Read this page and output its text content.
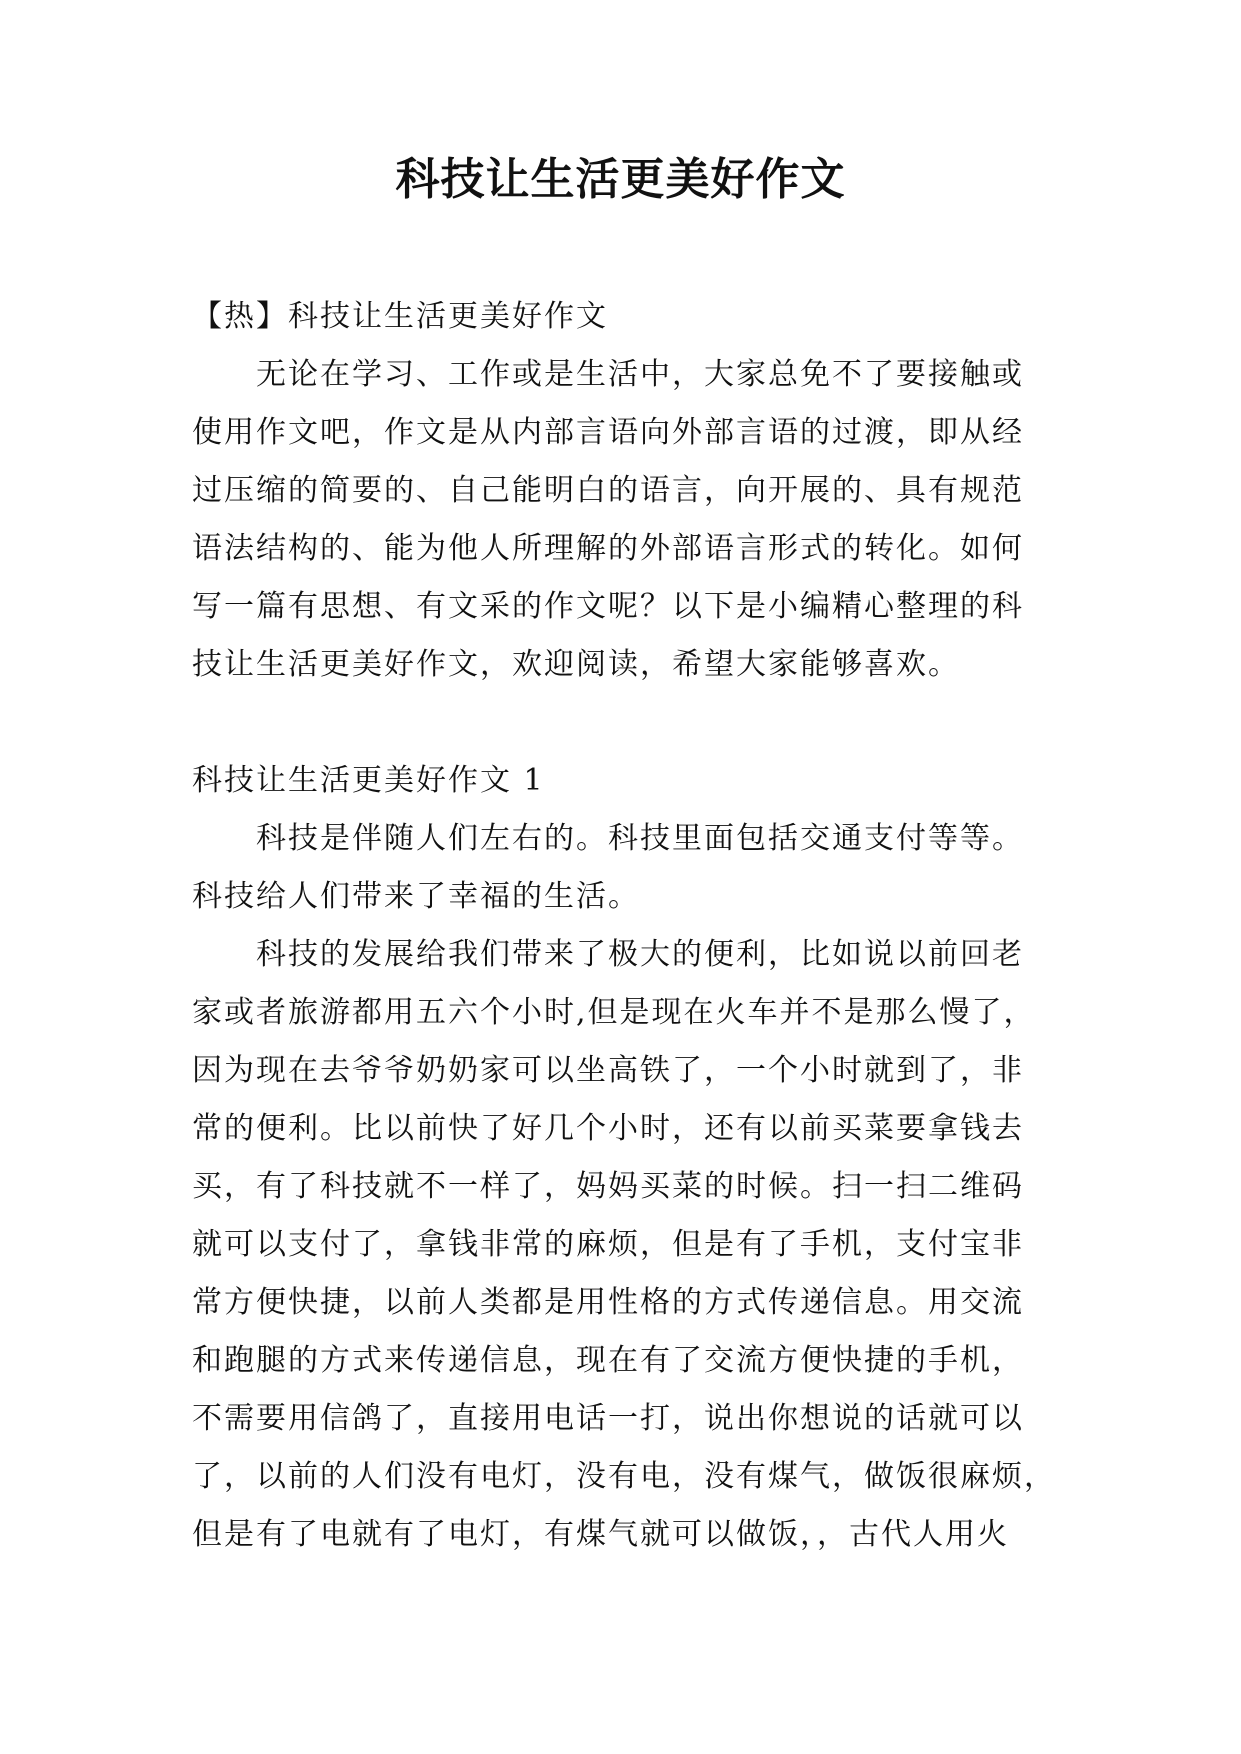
科技让生活更美好作文
【热】科技让生活更美好作文
无论在学习、工作或是生活中，大家总免不了要接触或
使用作文吧，作文是从内部言语向外部言语的过渡，即从经
过压缩的简要的、自己能明白的语言，向开展的、具有规范
语法结构的、能为他人所理解的外部语言形式的转化。如何
写一篇有思想、有文采的作文呢？以下是小编精心整理的科
技让生活更美好作文，欢迎阅读，希望大家能够喜欢。
科技让生活更美好作文 1
科技是伴随人们左右的。科技里面包括交通支付等等。
科技给人们带来了幸福的生活。
科技的发展给我们带来了极大的便利，比如说以前回老
家或者旅游都用五六个小时,但是现在火车并不是那么慢了，
因为现在去爷爷奶奶家可以坐高铁了，一个小时就到了，非
常的便利。比以前快了好几个小时，还有以前买菜要拿钱去
买，有了科技就不一样了，妈妈买菜的时候。扫一扫二维码
就可以支付了，拿钱非常的麻烦，但是有了手机，支付宝非
常方便快捷，以前人类都是用性格的方式传递信息。用交流
和跑腿的方式来传递信息，现在有了交流方便快捷的手机，
不需要用信鸽了，直接用电话一打，说出你想说的话就可以
了，以前的人们没有电灯，没有电，没有煤气，做饭很麻烦，
但是有了电就有了电灯，有煤气就可以做饭，，古代人用火
